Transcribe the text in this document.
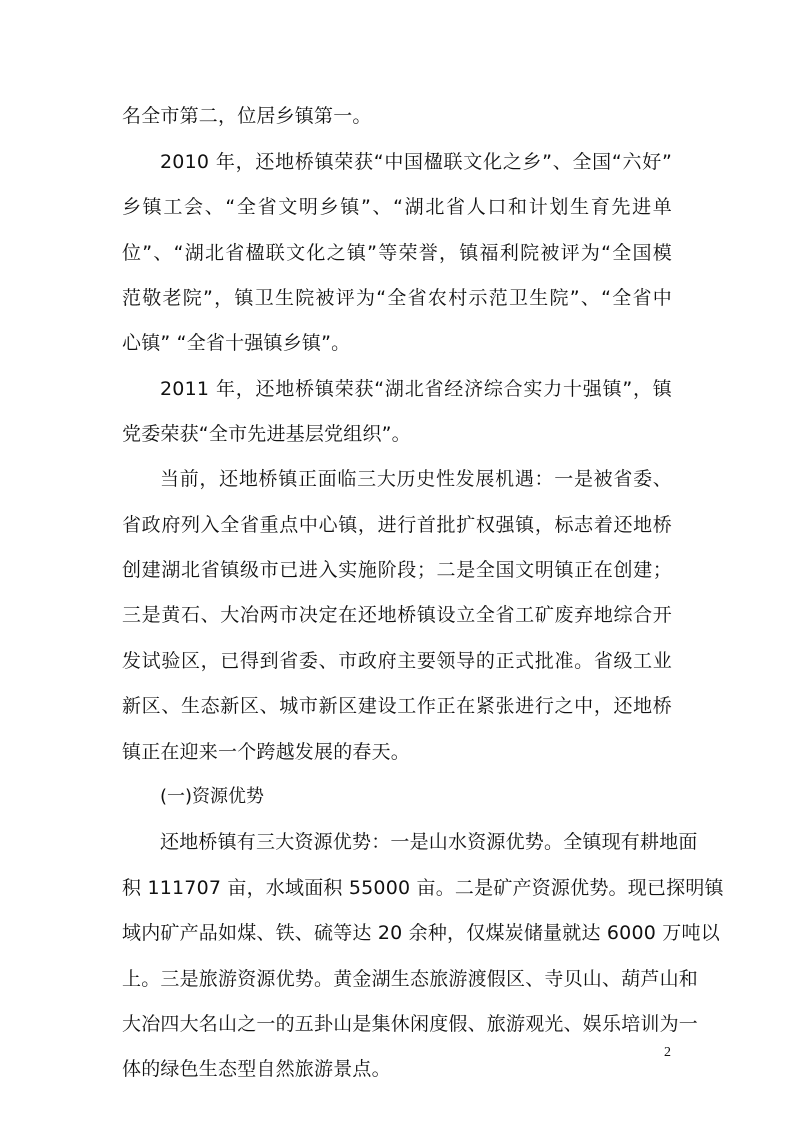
名全市第二，位居乡镇第一。
2010 年，还地桥镇荣获“中国楹联文化之乡”、全国“六好”
乡镇工会、“全省文明乡镇”、“湖北省人口和计划生育先进单
位”、“湖北省楹联文化之镇”等荣誉，镇福利院被评为“全国模
范敬老院”，镇卫生院被评为“全省农村示范卫生院”、“全省中
心镇” “全省十强镇乡镇”。
2011 年，还地桥镇荣获“湖北省经济综合实力十强镇”，镇
党委荣获“全市先进基层党组织”。
当前，还地桥镇正面临三大历史性发展机遇：一是被省委、
省政府列入全省重点中心镇，进行首批扩权强镇，标志着还地桥
创建湖北省镇级市已进入实施阶段；二是全国文明镇正在创建；
三是黄石、大冶两市决定在还地桥镇设立全省工矿废弃地综合开
发试验区，已得到省委、市政府主要领导的正式批准。省级工业
新区、生态新区、城市新区建设工作正在紧张进行之中，还地桥
镇正在迎来一个跨越发展的春天。
(一)资源优势
还地桥镇有三大资源优势：一是山水资源优势。全镇现有耕地面
积 111707 亩，水域面积 55000 亩。二是矿产资源优势。现已探明镇
域内矿产品如煤、铁、硫等达 20 余种，仅煤炭储量就达 6000 万吨以
上。三是旅游资源优势。黄金湖生态旅游渡假区、寺贝山、葫芦山和
大冶四大名山之一的五卦山是集休闲度假、旅游观光、娱乐培训为一
体的绿色生态型自然旅游景点。
2
